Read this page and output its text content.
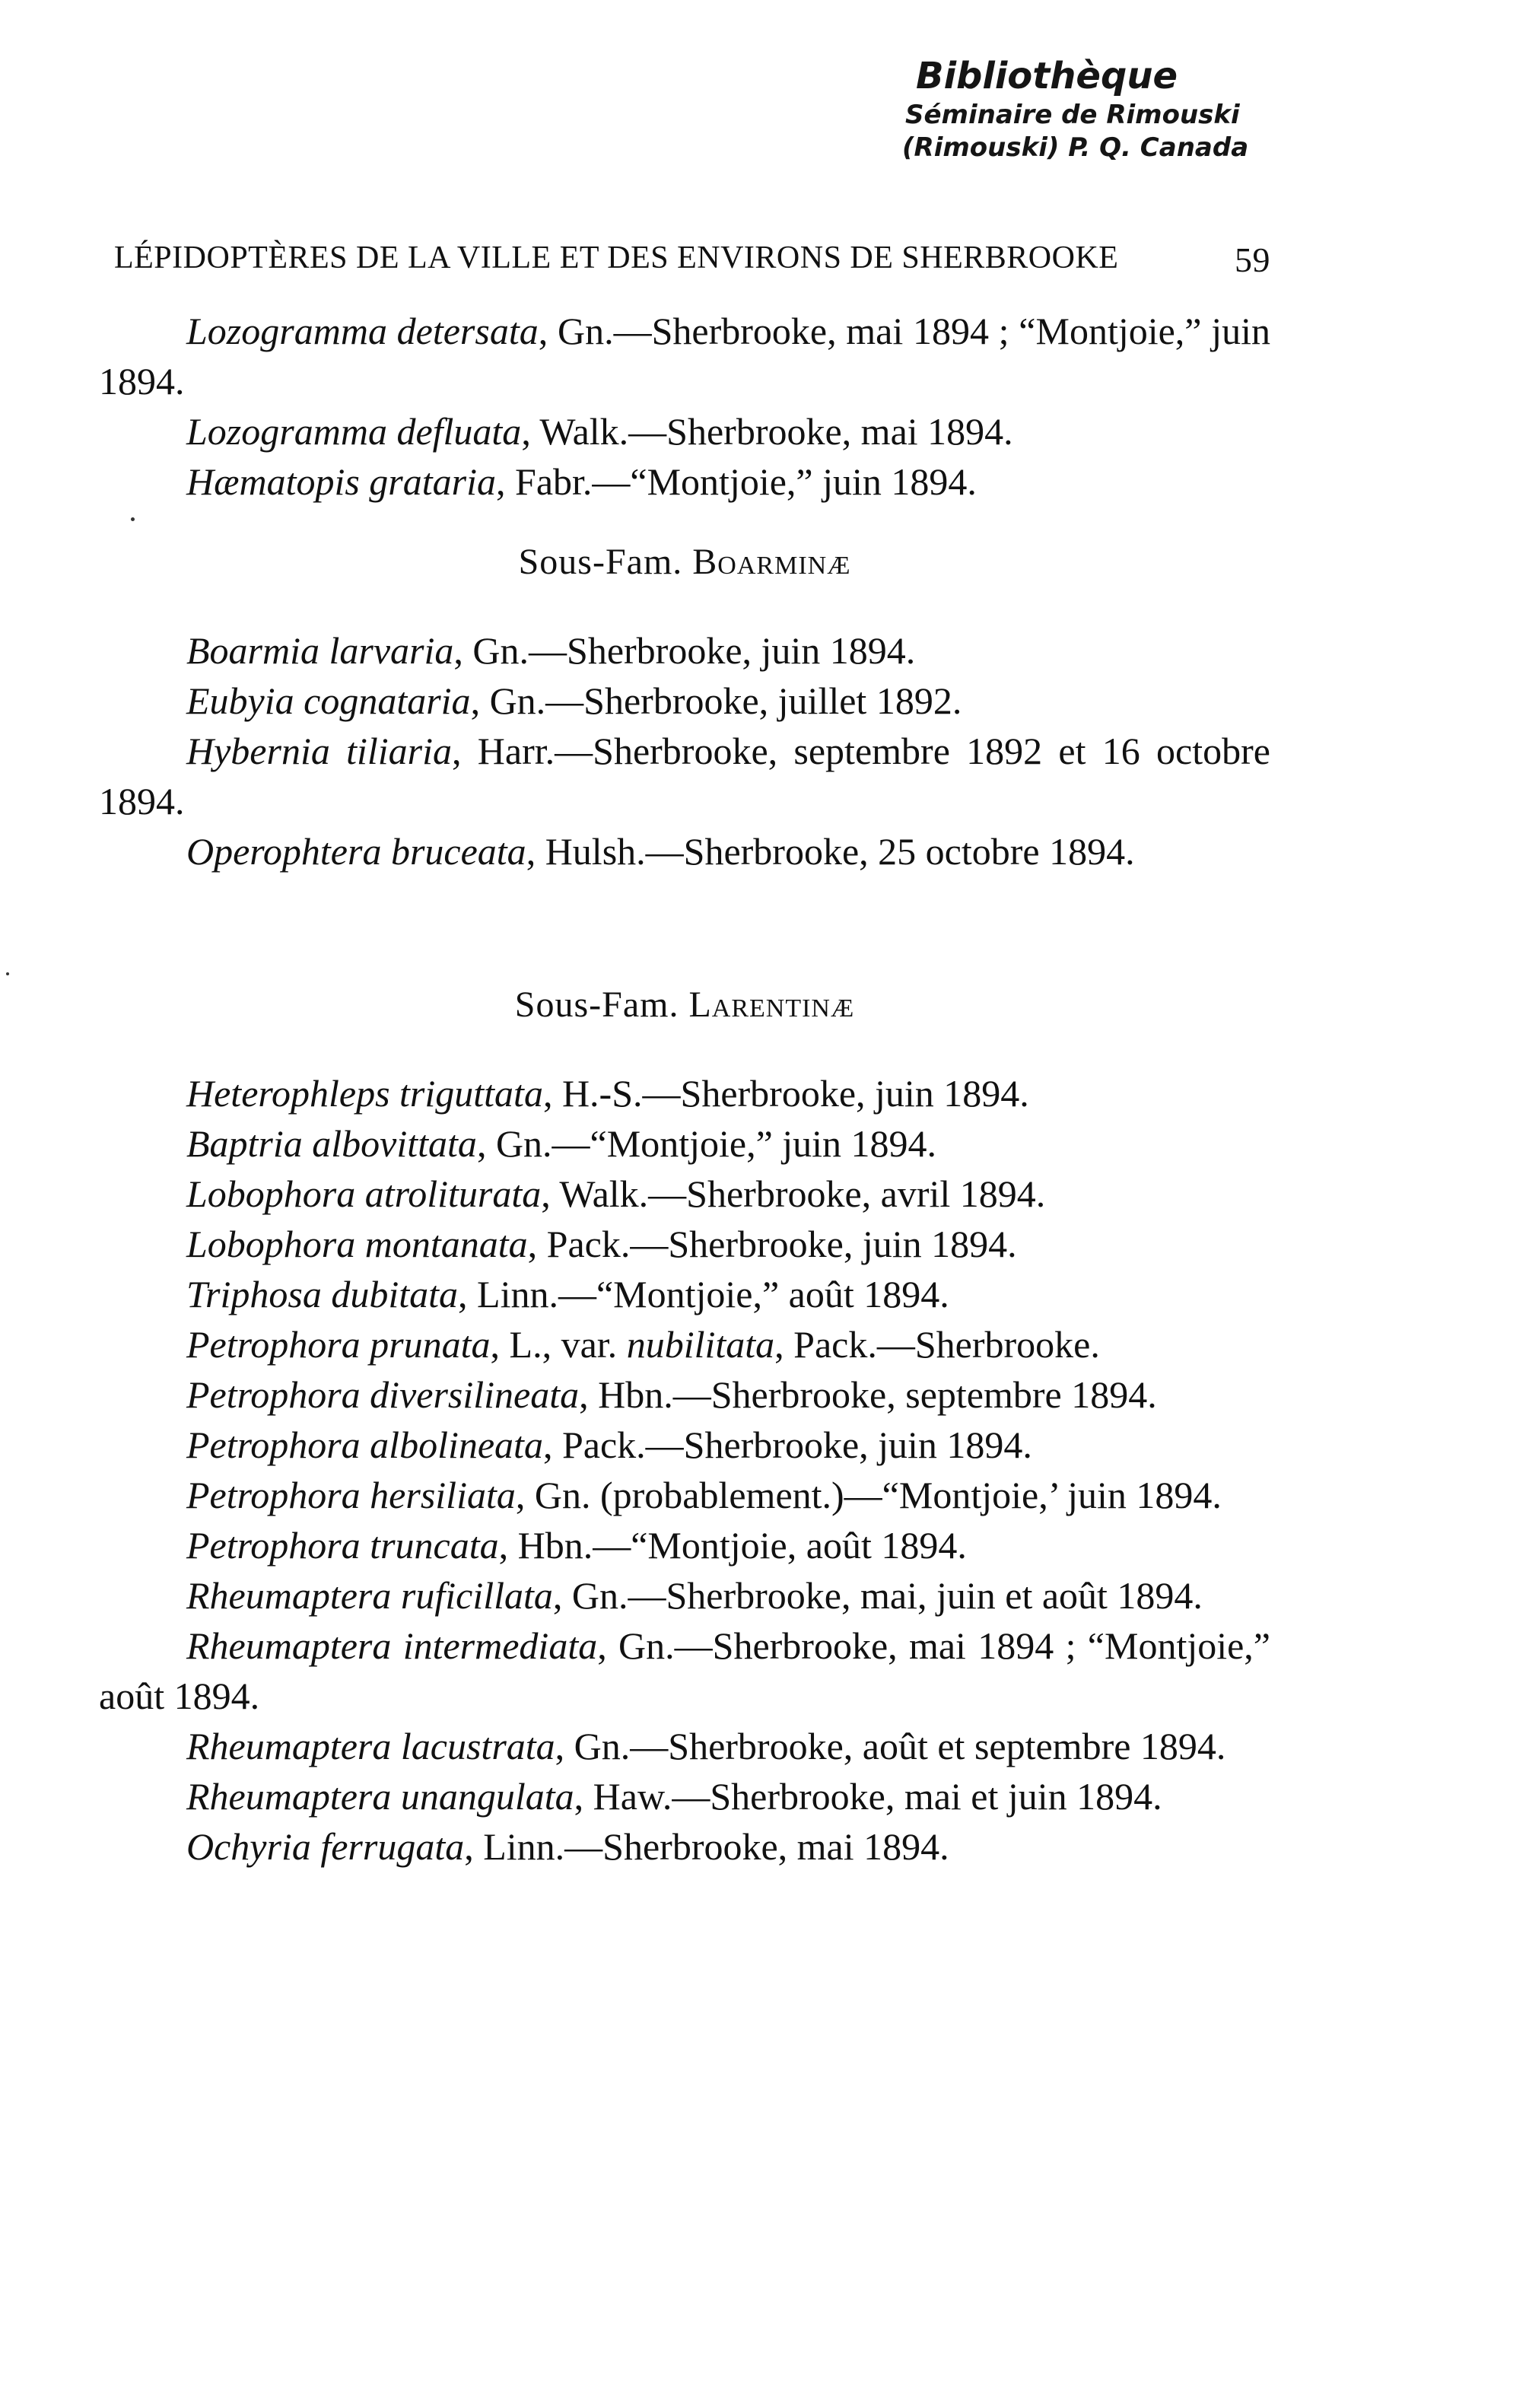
Bibliothèque
Séminaire de Rimouski
(Rimouski) P. Q. Canada
LÉPIDOPTÈRES DE LA VILLE ET DES ENVIRONS DE SHERBROOKE	59

Lozogramma detersata, Gn.—Sherbrooke, mai 1894 ; “Montjoie,” juin 1894.

Lozogramma defluata, Walk.—Sherbrooke, mai 1894.

Hæmatopis grataria, Fabr.—“Montjoie,” juin 1894.

Sous-Fam. Boarminæ

Boarmia larvaria, Gn.—Sherbrooke, juin 1894.

Eubyia cognataria, Gn.—Sherbrooke, juillet 1892.

Hybernia tiliaria, Harr.—Sherbrooke, septembre 1892 et 16 octobre 1894.

Operophtera bruceata, Hulsh.—Sherbrooke, 25 octobre 1894.

Sous-Fam. Larentinæ

Heterophleps triguttata, H.-S.—Sherbrooke, juin 1894.

Baptria albovittata, Gn.—“Montjoie,” juin 1894.

Lobophora atroliturata, Walk.—Sherbrooke, avril 1894.

Lobophora montanata, Pack.—Sherbrooke, juin 1894.

Triphosa dubitata, Linn.—“Montjoie,” août 1894.

Petrophora prunata, L., var. nubilitata, Pack.—Sherbrooke.

Petrophora diversilineata, Hbn.—Sherbrooke, septembre 1894.

Petrophora albolineata, Pack.—Sherbrooke, juin 1894.

Petrophora hersiliata, Gn. (probablement.)—“Montjoie,’ juin 1894.

Petrophora truncata, Hbn.—“Montjoie, août 1894.

Rheumaptera ruficillata, Gn.—Sherbrooke, mai, juin et août 1894.

Rheumaptera intermediata, Gn.—Sherbrooke, mai 1894 ; “Montjoie,” août 1894.

Rheumaptera lacustrata, Gn.—Sherbrooke, août et septembre 1894.

Rheumaptera unangulata, Haw.—Sherbrooke, mai et juin 1894.

Ochyria ferrugata, Linn.—Sherbrooke, mai 1894.
